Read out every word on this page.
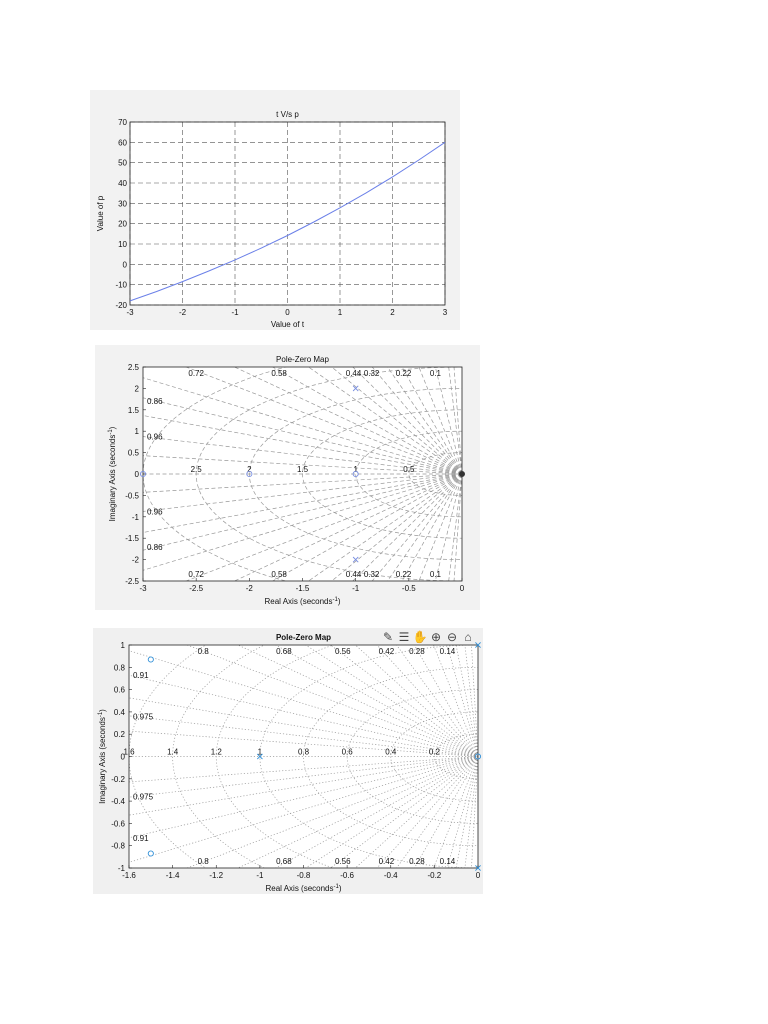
-3	-2	-1	0	1	2	3
-20
-10
0
10
20
30
40
50
60
70
t V/s p
Value of t
Value of p
-3	-2.5	-2	-1.5	-1	-0.5	0
2.5
2
1.5
1
0.5
0
-0.5
-1
-1.5
-2
-2.5
0.72
0.72
0.58
0.58
0.44
0.44
0.32
0.32
0.22
0.22
0.1
0.1
0.86
0.86
0.96
0.96
2.5	2	1.5	1	0.5
Pole-Zero Map
Real Axis (seconds$^{-1}$)
Imaginary Axis (seconds$^{-1}$)
-1.6	-1.4	-1.2	-1	-0.8	-0.6	-0.4	-0.2	0
1
0.8
0.6
0.4
0.2
0
-0.2
-0.4
-0.6
-0.8
-1
0.8
0.8
0.68
0.68
0.56
0.56
0.42
0.42
0.28
0.28
0.14
0.14
0.91
0.91
0.975
0.975
1.6	1.4	1.2	1	0.8	0.6	0.4	0.2
Pole-Zero Map
Real Axis (seconds$^{-1}$)
Imaginary Axis (seconds$^{-1}$)
✎ ☰ ✋ ⊕ ⊖ ⌂
